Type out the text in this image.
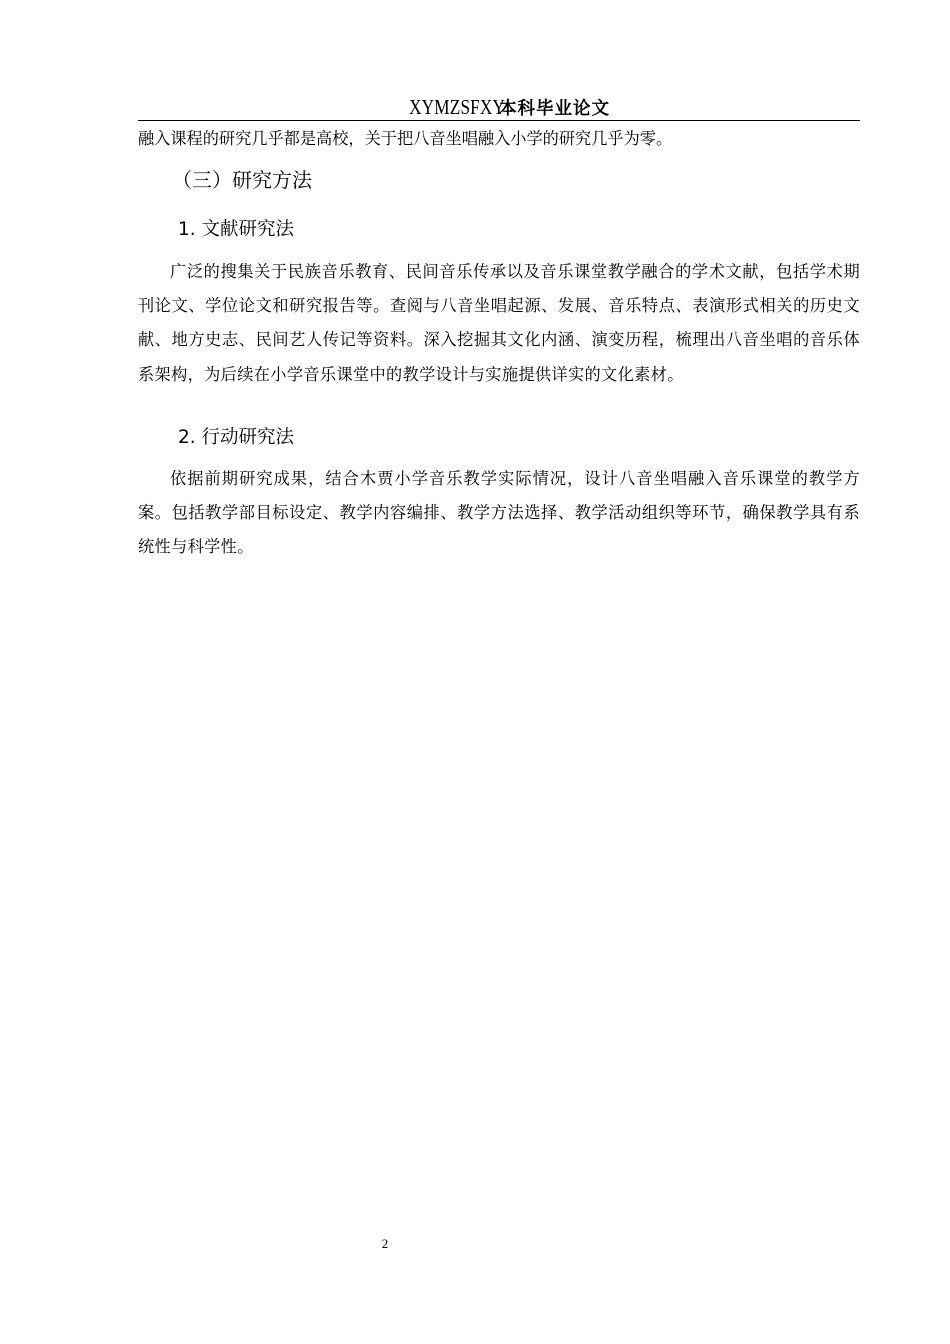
XYMZSFXY本科毕业论文
融入课程的研究几乎都是高校，关于把八音坐唱融入小学的研究几乎为零。
（三）研究方法
1. 文献研究法
广泛的搜集关于民族音乐教育、民间音乐传承以及音乐课堂教学融合的学术文献，包括学术期刊论文、学位论文和研究报告等。查阅与八音坐唱起源、发展、音乐特点、表演形式相关的历史文献、地方史志、民间艺人传记等资料。深入挖掘其文化内涵、演变历程，梳理出八音坐唱的音乐体系架构，为后续在小学音乐课堂中的教学设计与实施提供详实的文化素材。
2. 行动研究法
依据前期研究成果，结合木贾小学音乐教学实际情况，设计八音坐唱融入音乐课堂的教学方案。包括教学部目标设定、教学内容编排、教学方法选择、教学活动组织等环节，确保教学具有系统性与科学性。
2
